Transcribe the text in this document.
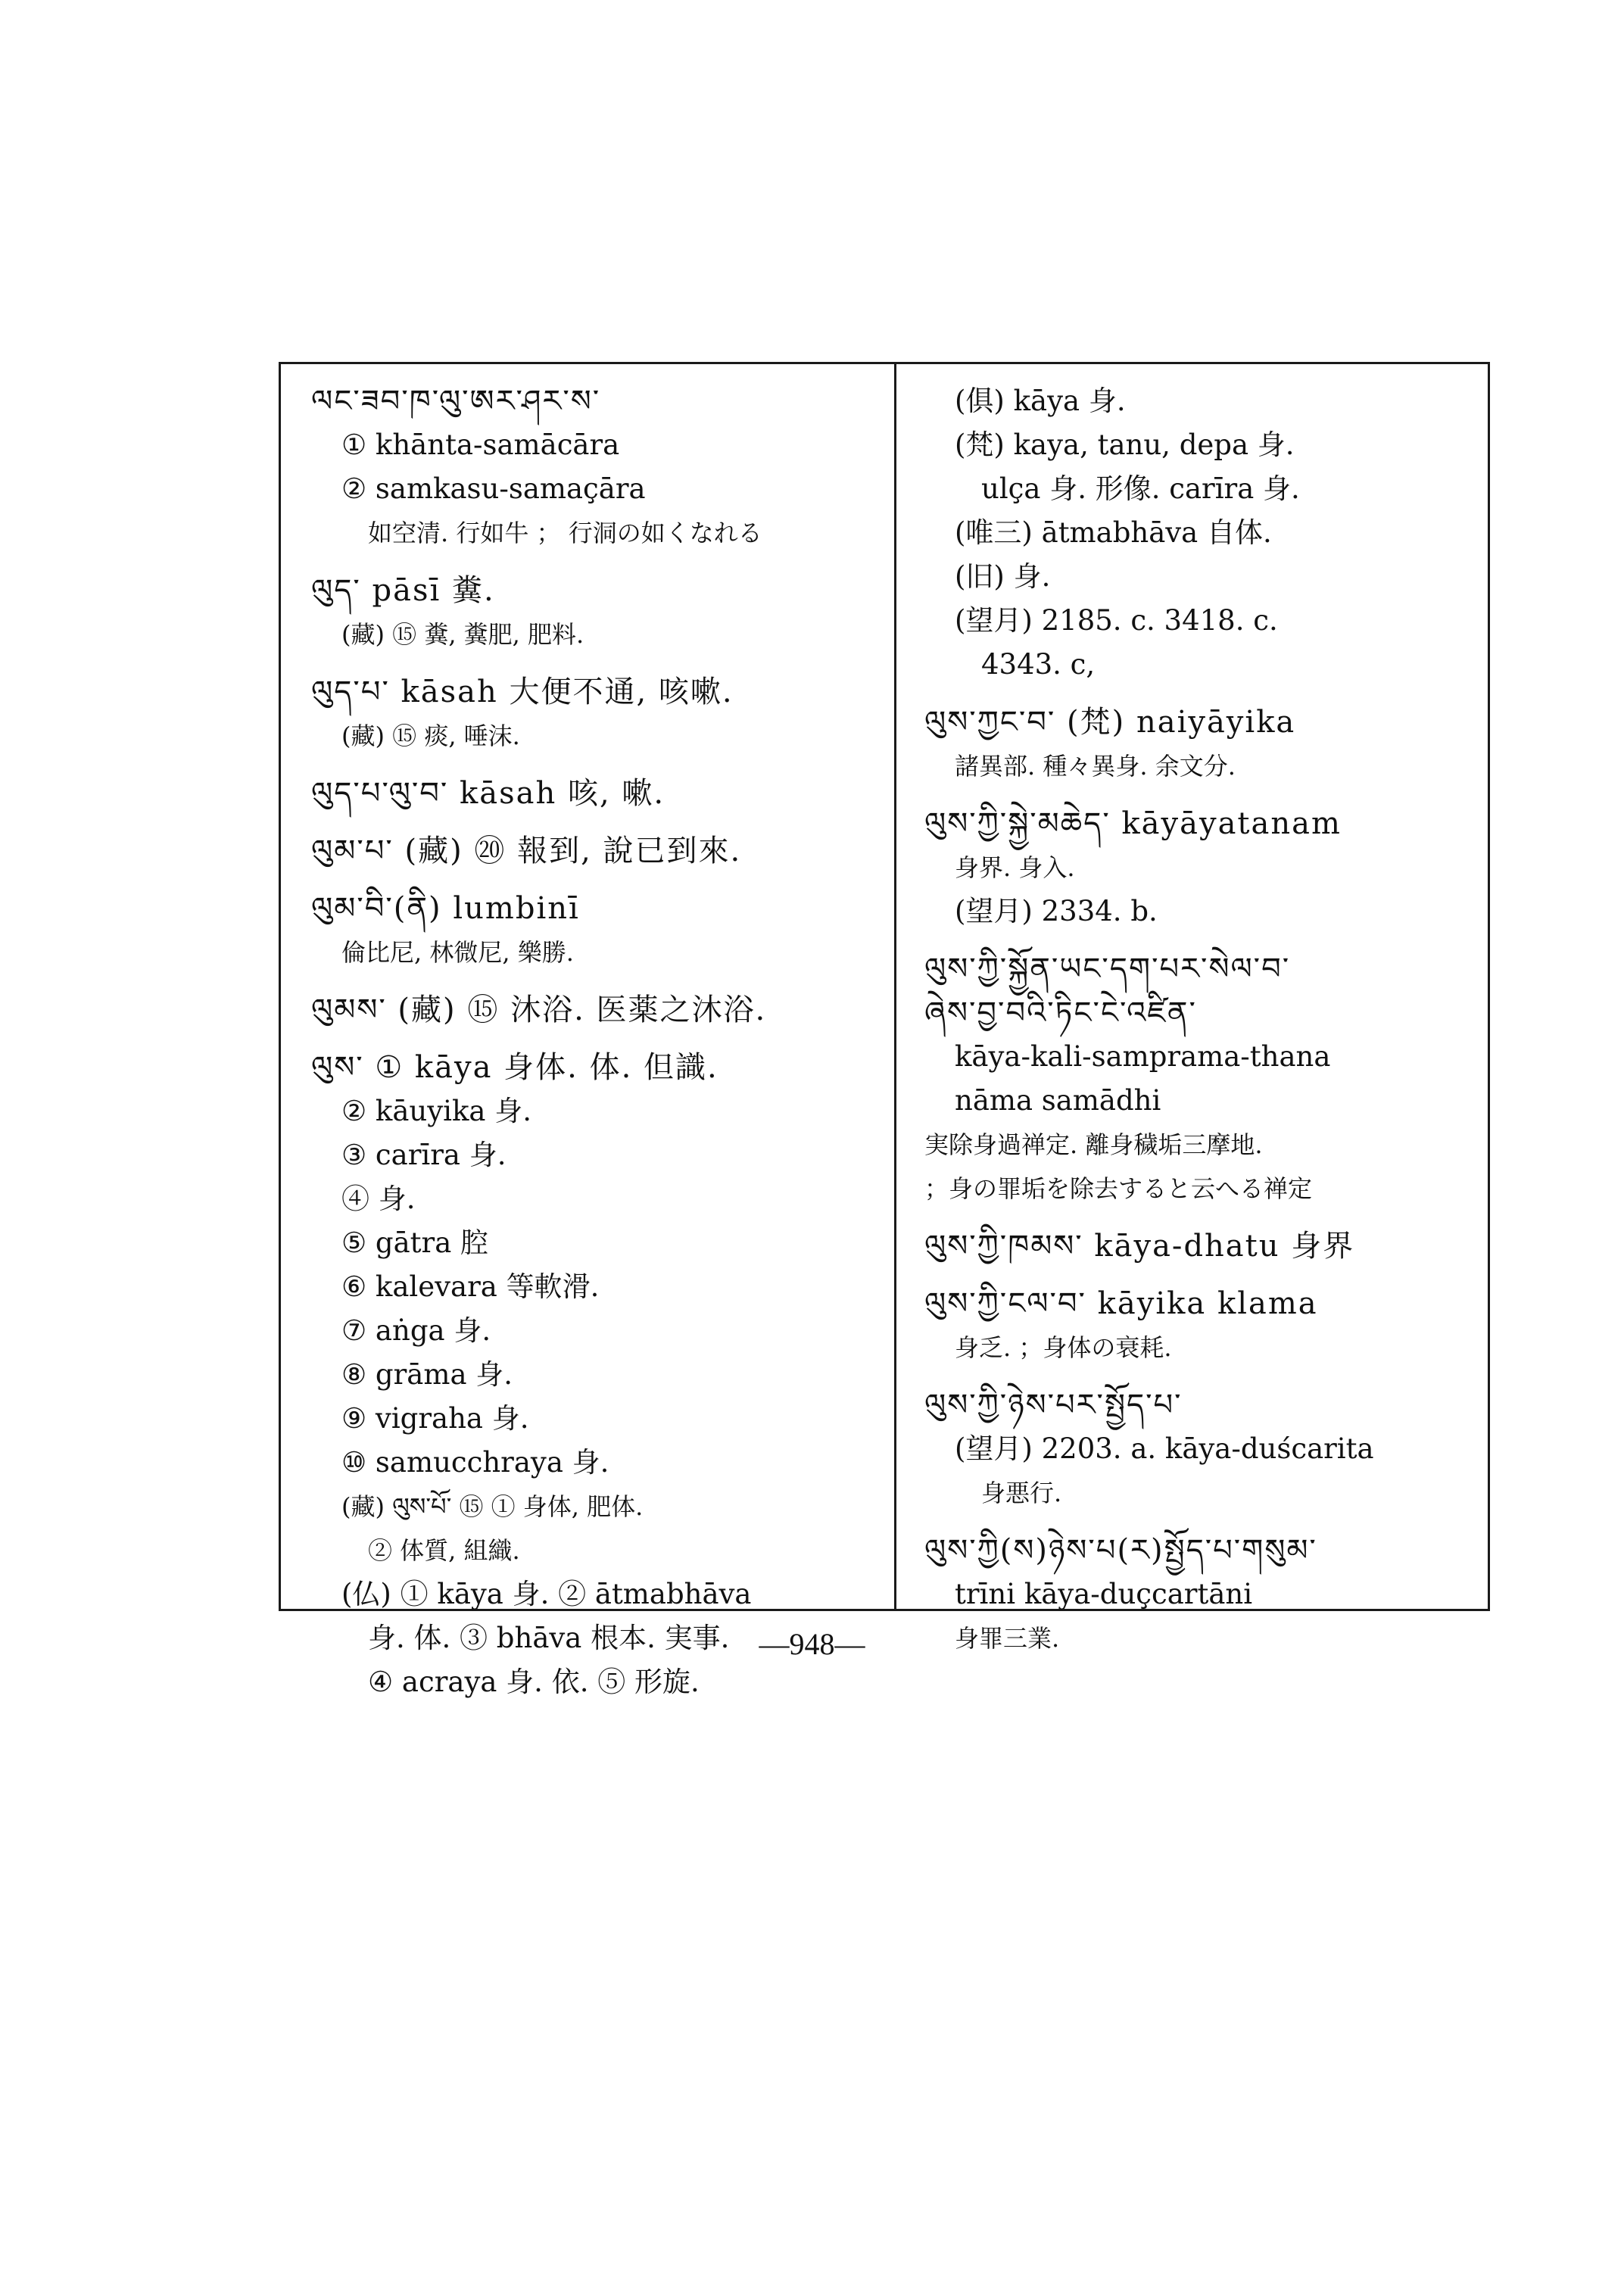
ལང་ཟབ་ཁ་ལུ་ཨར་ཤར་ས་
① khānta-samācāra
② samkasu-samaçāra
如空清. 行如牛 ； 行洞の如くなれる
ལུད་ pāsī 糞.
(藏) ⑮ 糞, 糞肥, 肥料.
ལུད་པ་ kāsah 大便不通, 咳嗽.
(藏) ⑮ 痰, 唾沫.
ལུད་པ་ལུ་བ་ kāsah 咳, 嗽.
ལུམ་པ་ (藏) ⑳ 報到, 說已到來.
ལུམ་བི་(ནི) lumbinī
倫比尼, 林微尼, 樂勝.
ལུམས་ (藏) ⑮ 沐浴. 医薬之沐浴.
ལུས་ ① kāya 身体. 体. 但識.
② kāuyika 身.
③ carīra 身.
④ 身.
⑤ gātra 腔
⑥ kalevara 等軟滑.
⑦ aṅga 身.
⑧ grāma 身.
⑨ vigraha 身.
⑩ samucchraya 身.
(藏) ལུས་པོ་ ⑮ ① 身体, 肥体.
② 体質, 組織.
(仏) ① kāya 身. ② ātmabhāva
身. 体. ③ bhāva 根本. 実事.
④ acraya 身. 依. ⑤ 形旋.
(俱) kāya 身.
(梵) kaya, tanu, depa 身.
ulça 身. 形像. carīra 身.
(唯三) ātmabhāva 自体.
(旧) 身.
(望月) 2185. c. 3418. c.
4343. c,
ལུས་ཀྱང་བ་ (梵) naiyāyika
諸異部. 種々異身. 余文分.
ལུས་ཀྱི་སྐྱེ་མཆེད་ kāyāyatanam
身界. 身入.
(望月) 2334. b.
ལུས་ཀྱི་སྐྱོན་ཡང་དག་པར་སེལ་བ་
ཞེས་བྱ་བའི་ཏིང་ངེ་འཛིན་
kāya-kali-samprama-thana
nāma samādhi
実除身過禅定. 離身穢垢三摩地.
；身の罪垢を除去すると云へる禅定
ལུས་ཀྱི་ཁམས་ kāya-dhatu 身界
ལུས་ཀྱི་ངལ་བ་ kāyika klama
身乏. ；身体の衰耗.
ལུས་ཀྱི་ཉེས་པར་སྤྱོད་པ་
(望月) 2203. a. kāya-duścarita
身悪行.
ལུས་ཀྱི(ས)ཉེས་པ(ར)སྤྱོད་པ་གསུམ་
trīni kāya-duçcartāni
身罪三業.
—948—
